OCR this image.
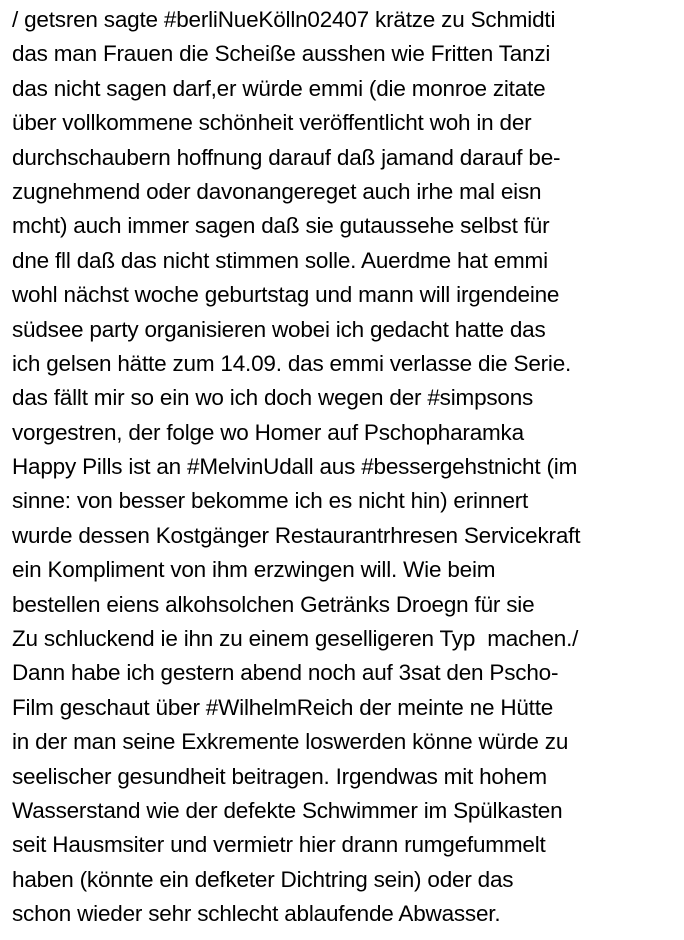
/ getsren sagte #berliNueKölln02407 krätze zu Schmidti
das man Frauen die Scheiße ausshen wie Fritten Tanzi
das nicht sagen darf,er würde emmi (die monroe zitate
über vollkommene schönheit veröffentlicht woh in der
durchschaubern hoffnung darauf daß jamand darauf be-
zugnehmend oder davonangereget auch irhe mal eisn
mcht) auch immer sagen daß sie gutaussehe selbst für
dne fll daß das nicht stimmen solle. Auerdme hat emmi
wohl nächst woche geburtstag und mann will irgendeine
südsee party organisieren wobei ich gedacht hatte das
ich gelsen hätte zum 14.09. das emmi verlasse die Serie.
das fällt mir so ein wo ich doch wegen der #simpsons
vorgestren, der folge wo Homer auf Pschopharamka
Happy Pills ist an #MelvinUdall aus #bessergehstnicht (im
sinne: von besser bekomme ich es nicht hin) erinnert
wurde dessen Kostgänger Restaurantrhresen Servicekraft
ein Kompliment von ihm erzwingen will. Wie beim
bestellen eiens alkohsolchen Getränks Droegn für sie
Zu schluckend ie ihn zu einem geselligeren Typ  machen./
Dann habe ich gestern abend noch auf 3sat den Pscho-
Film geschaut über #WilhelmReich der meinte ne Hütte
in der man seine Exkremente loswerden könne würde zu
seelischer gesundheit beitragen. Irgendwas mit hohem
Wasserstand wie der defekte Schwimmer im Spülkasten
seit Hausmsiter und vermietr hier drann rumgefummelt
haben (könnte ein defketer Dichtring sein) oder das
schon wieder sehr schlecht ablaufende Abwasser.
